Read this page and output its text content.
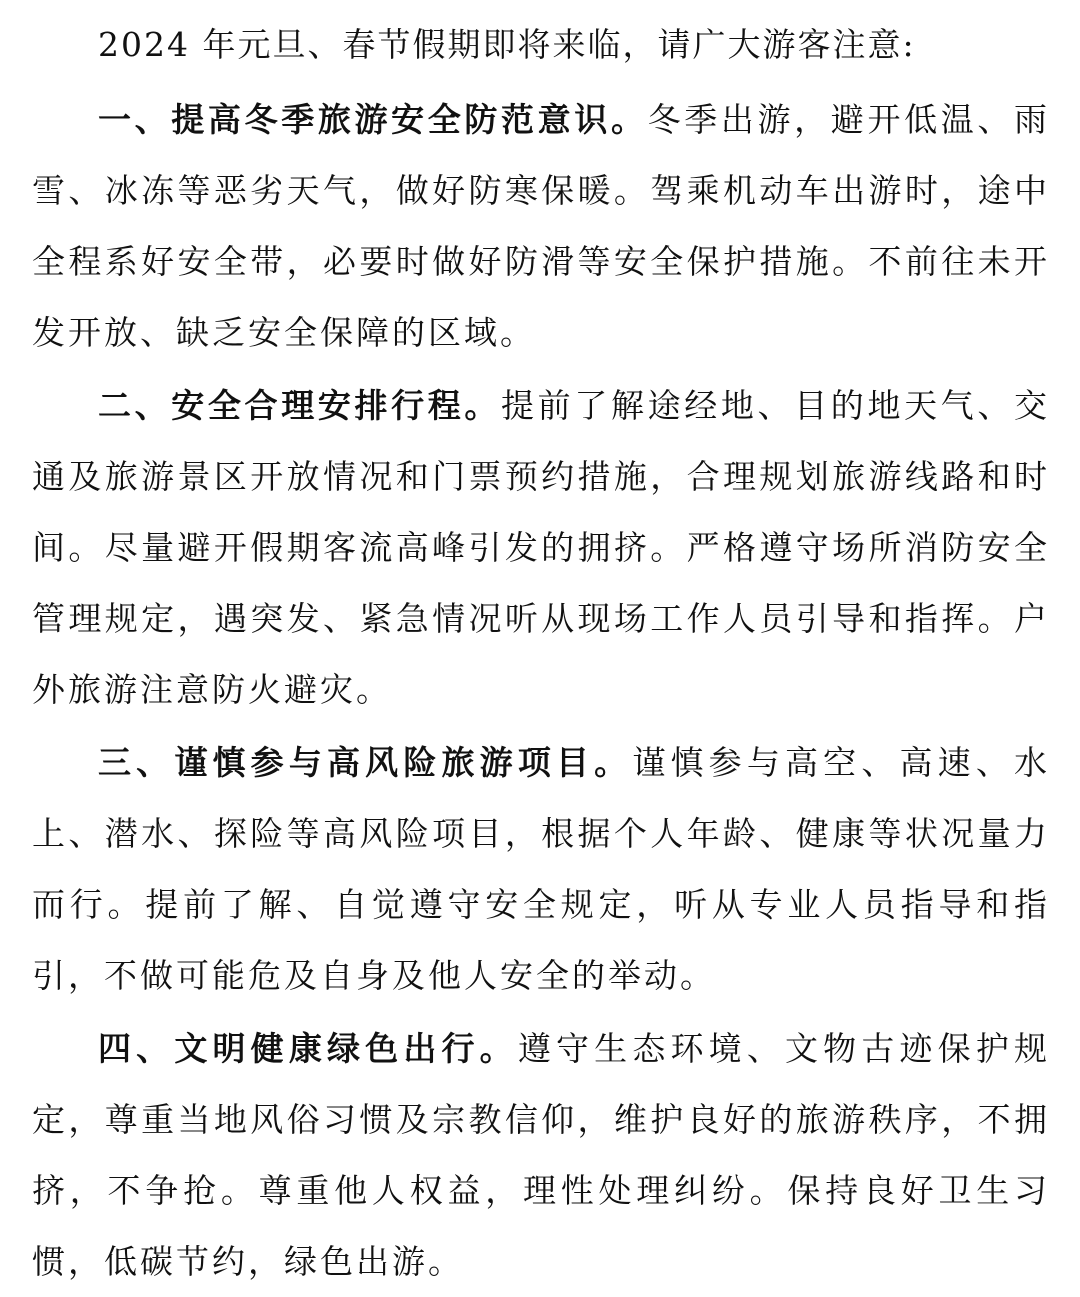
2024 年元旦、春节假期即将来临，请广大游客注意:

一、提高冬季旅游安全防范意识。冬季出游，避开低温、雨雪、冰冻等恶劣天气，做好防寒保暖。驾乘机动车出游时，途中全程系好安全带，必要时做好防滑等安全保护措施。不前往未开发开放、缺乏安全保障的区域。

二、安全合理安排行程。提前了解途经地、目的地天气、交通及旅游景区开放情况和门票预约措施，合理规划旅游线路和时间。尽量避开假期客流高峰引发的拥挤。严格遵守场所消防安全管理规定，遇突发、紧急情况听从现场工作人员引导和指挥。户外旅游注意防火避灾。

三、谨慎参与高风险旅游项目。谨慎参与高空、高速、水上、潜水、探险等高风险项目，根据个人年龄、健康等状况量力而行。提前了解、自觉遵守安全规定，听从专业人员指导和指引，不做可能危及自身及他人安全的举动。

四、文明健康绿色出行。遵守生态环境、文物古迹保护规定，尊重当地风俗习惯及宗教信仰，维护良好的旅游秩序，不拥挤，不争抢。尊重他人权益，理性处理纠纷。保持良好卫生习惯，低碳节约，绿色出游。
